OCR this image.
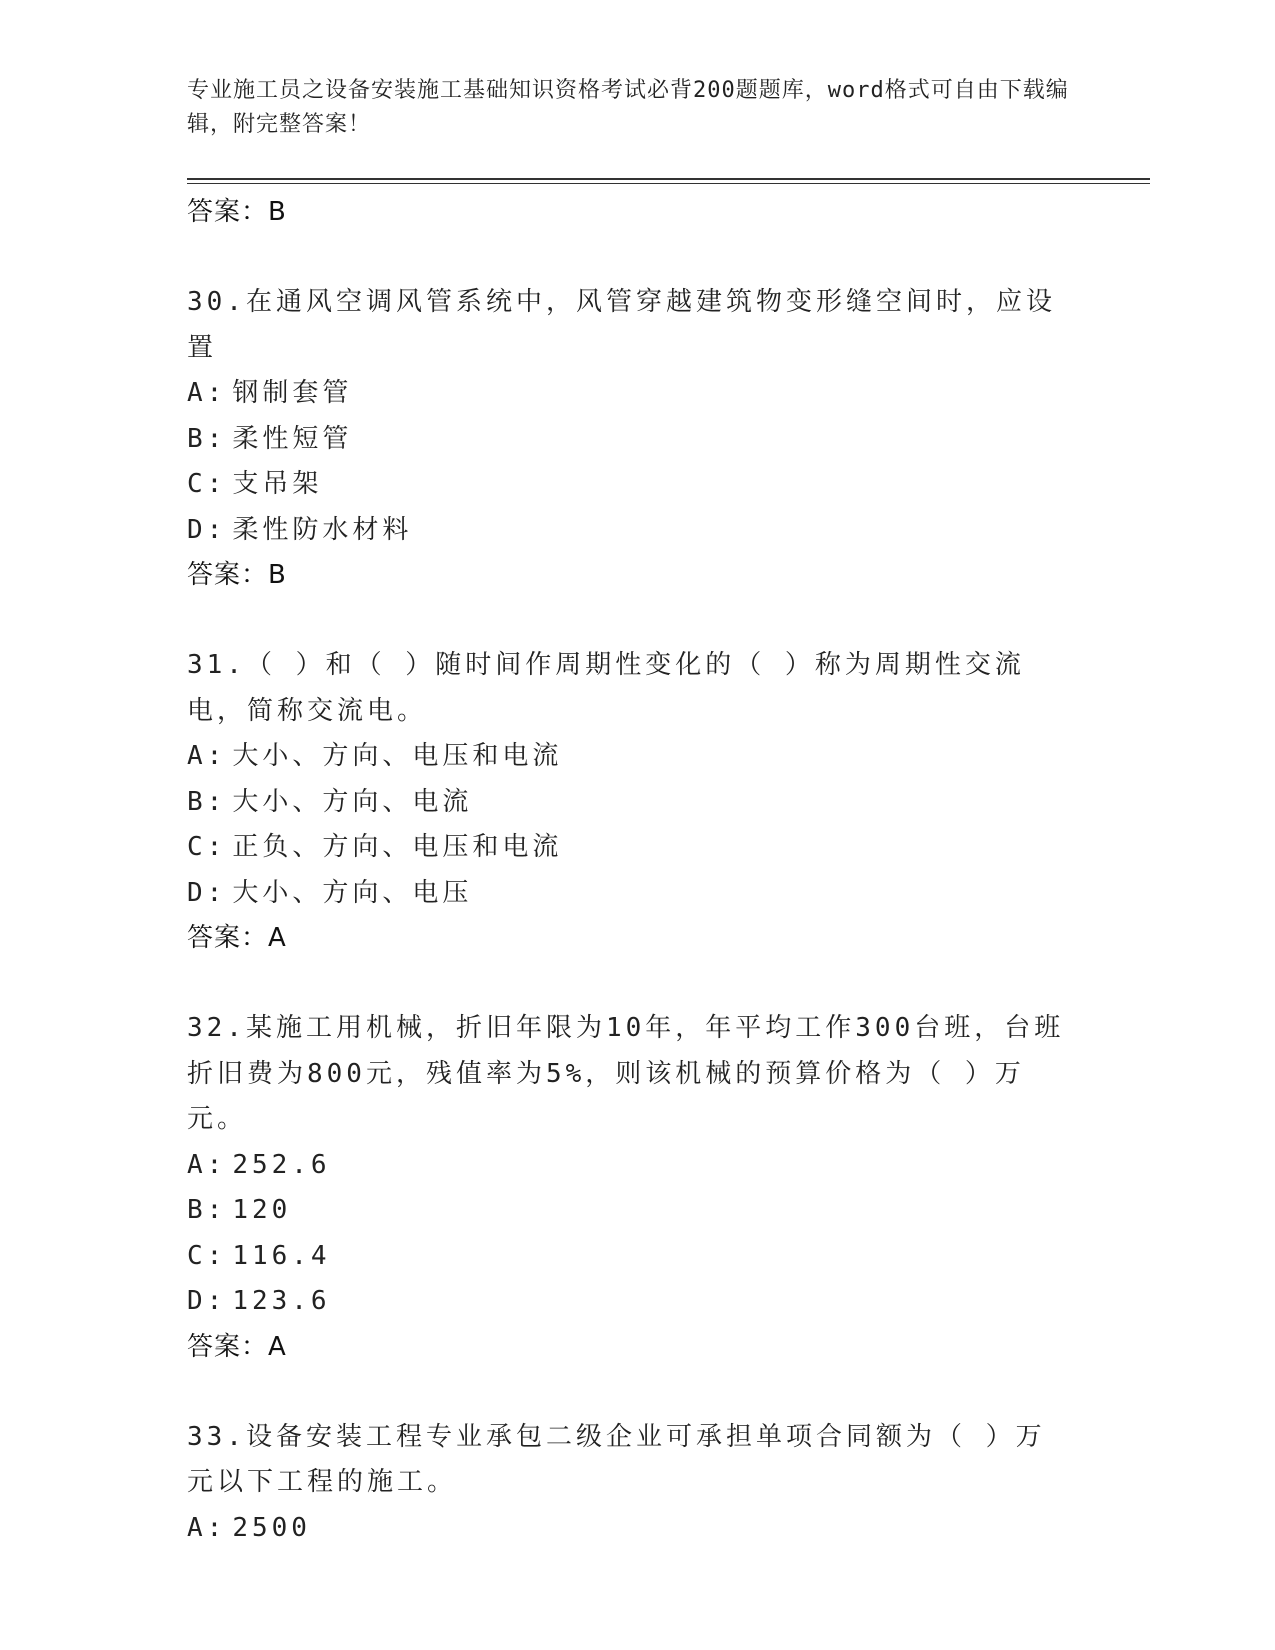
专业施工员之设备安装施工基础知识资格考试必背200题题库，word格式可自由下载编辑，附完整答案！
答案：B
30.在通风空调风管系统中，风管穿越建筑物变形缝空间时，应设置
A: 钢制套管
B: 柔性短管
C: 支吊架
D: 柔性防水材料
答案：B
31.（ ）和（ ）随时间作周期性变化的（ ）称为周期性交流电，简称交流电。
A: 大小、方向、电压和电流
B: 大小、方向、电流
C: 正负、方向、电压和电流
D: 大小、方向、电压
答案：A
32.某施工用机械，折旧年限为10年，年平均工作300台班，台班折旧费为800元，残值率为5%，则该机械的预算价格为（ ）万元。
A: 252.6
B: 120
C: 116.4
D: 123.6
答案：A
33.设备安装工程专业承包二级企业可承担单项合同额为（ ）万元以下工程的施工。
A: 2500
